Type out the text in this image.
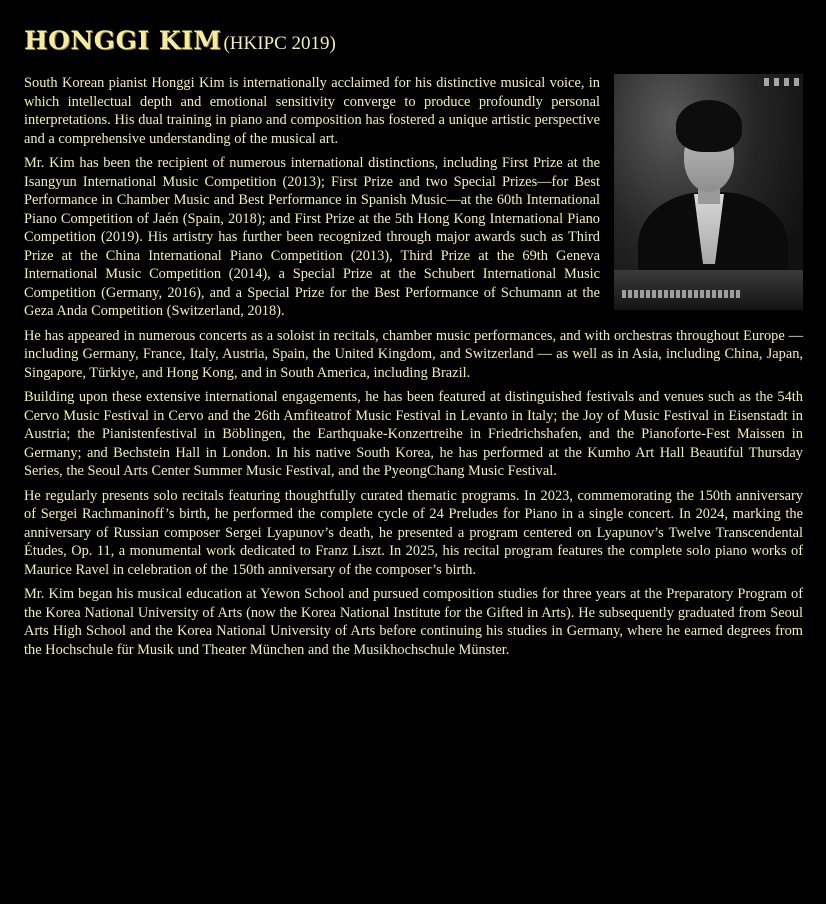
HONGGI KIM (HKIPC 2019)

South Korean pianist Honggi Kim is internationally acclaimed for his distinctive musical voice, in which intellectual depth and emotional sensitivity converge to produce profoundly personal interpretations. His dual training in piano and composition has fostered a unique artistic perspective and a comprehensive understanding of the musical art.

Mr. Kim has been the recipient of numerous international distinctions, including First Prize at the Isangyun International Music Competition (2013); First Prize and two Special Prizes—for Best Performance in Chamber Music and Best Performance in Spanish Music—at the 60th International Piano Competition of Jaén (Spain, 2018); and First Prize at the 5th Hong Kong International Piano Competition (2019). His artistry has further been recognized through major awards such as Third Prize at the China International Piano Competition (2013), Third Prize at the 69th Geneva International Music Competition (2014), a Special Prize at the Schubert International Music Competition (Germany, 2016), and a Special Prize for the Best Performance of Schumann at the Geza Anda Competition (Switzerland, 2018).

He has appeared in numerous concerts as a soloist in recitals, chamber music performances, and with orchestras throughout Europe — including Germany, France, Italy, Austria, Spain, the United Kingdom, and Switzerland — as well as in Asia, including China, Japan, Singapore, Türkiye, and Hong Kong, and in South America, including Brazil.

Building upon these extensive international engagements, he has been featured at distinguished festivals and venues such as the 54th Cervo Music Festival in Cervo and the 26th Amfiteatrof Music Festival in Levanto in Italy; the Joy of Music Festival in Eisenstadt in Austria; the Pianistenfestival in Böblingen, the Earthquake-Konzertreihe in Friedrichshafen, and the Pianoforte-Fest Maissen in Germany; and Bechstein Hall in London. In his native South Korea, he has performed at the Kumho Art Hall Beautiful Thursday Series, the Seoul Arts Center Summer Music Festival, and the PyeongChang Music Festival.

He regularly presents solo recitals featuring thoughtfully curated thematic programs. In 2023, commemorating the 150th anniversary of Sergei Rachmaninoff’s birth, he performed the complete cycle of 24 Preludes for Piano in a single concert. In 2024, marking the anniversary of Russian composer Sergei Lyapunov’s death, he presented a program centered on Lyapunov’s Twelve Transcendental Études, Op. 11, a monumental work dedicated to Franz Liszt. In 2025, his recital program features the complete solo piano works of Maurice Ravel in celebration of the 150th anniversary of the composer’s birth.

Mr. Kim began his musical education at Yewon School and pursued composition studies for three years at the Preparatory Program of the Korea National University of Arts (now the Korea National Institute for the Gifted in Arts). He subsequently graduated from Seoul Arts High School and the Korea National University of Arts before continuing his studies in Germany, where he earned degrees from the Hochschule für Musik und Theater München and the Musikhochschule Münster.
